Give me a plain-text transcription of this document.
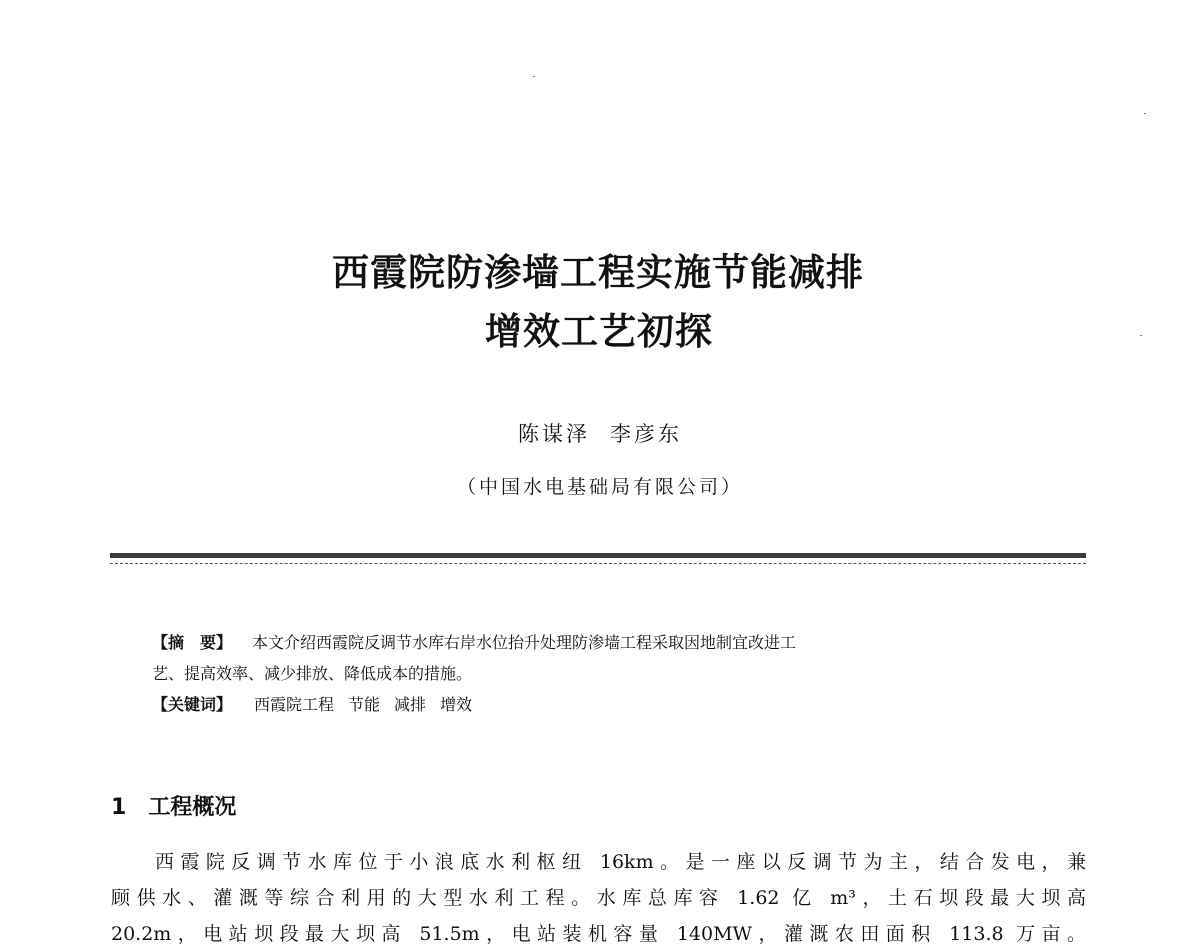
西霞院防渗墙工程实施节能减排
增效工艺初探
陈谋泽 李彦东
（中国水电基础局有限公司）
【摘　要】 本文介绍西霞院反调节水库右岸水位抬升处理防渗墙工程采取因地制宜改进工
艺、提高效率、减少排放、降低成本的措施。
【关键词】 西霞院工程 节能 减排 增效
1 工程概况
西霞院反调节水库位于小浪底水利枢纽 16km。是一座以反调节为主，结合发电，兼
顾供水、灌溉等综合利用的大型水利工程。水库总库容 1.62 亿 m³，土石坝段最大坝高
20.2m，电站坝段最大坝高 51.5m，电站装机容量 140MW，灌溉农田面积 113.8 万亩。
